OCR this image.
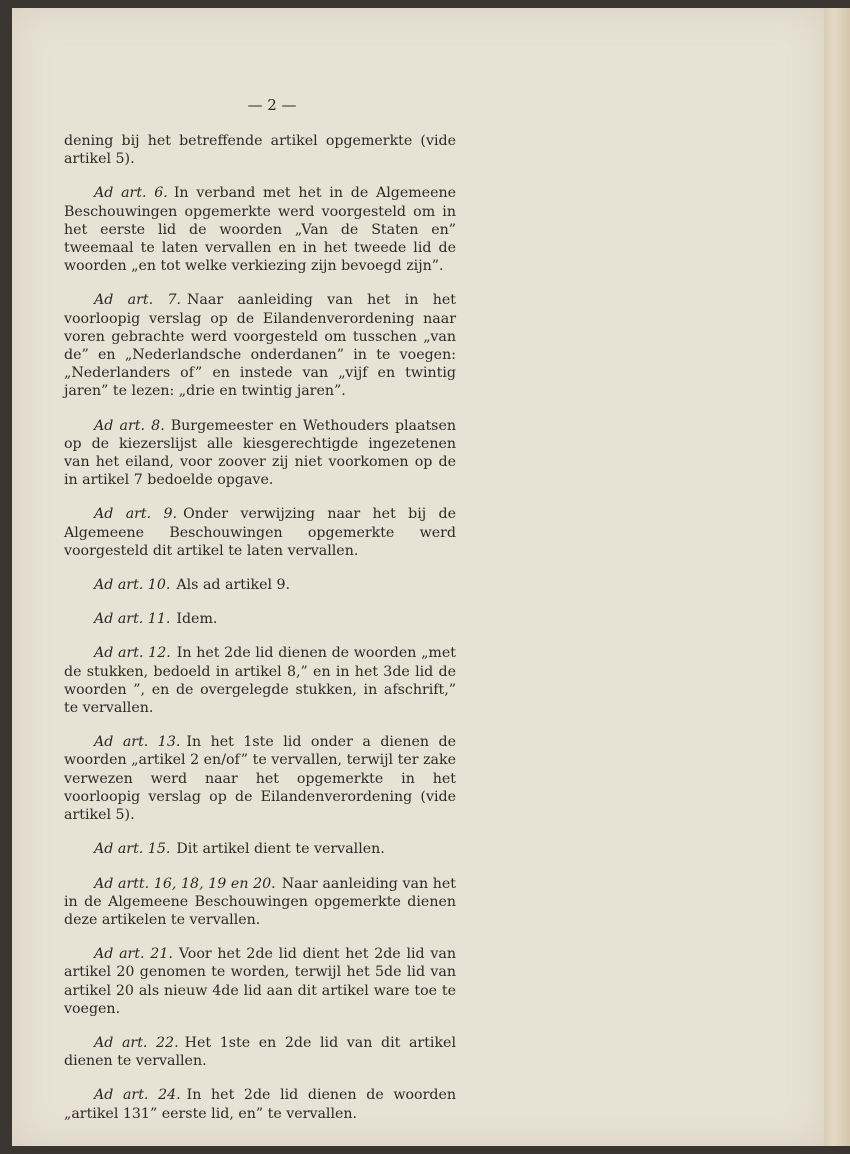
— 2 —

dening bij het betreffende artikel opgemerkte (vide artikel 5).

Ad art. 6. In verband met het in de Algemeene Beschouwingen opgemerkte werd voorgesteld om in het eerste lid de woorden „Van de Staten en” tweemaal te laten vervallen en in het tweede lid de woorden „en tot welke verkiezing zijn bevoegd zijn”.

Ad art. 7. Naar aanleiding van het in het voorloopig verslag op de Eilandenverordening naar voren gebrachte werd voorgesteld om tusschen „van de” en „Nederlandsche onderdanen” in te voegen: „Nederlanders of” en instede van „vijf en twintig jaren” te lezen: „drie en twintig jaren”.

Ad art. 8. Burgemeester en Wethouders plaatsen op de kiezerslijst alle kiesgerechtigde ingezetenen van het eiland, voor zoover zij niet voorkomen op de in artikel 7 bedoelde opgave.

Ad art. 9. Onder verwijzing naar het bij de Algemeene Beschouwingen opgemerkte werd voorgesteld dit artikel te laten vervallen.

Ad art. 10. Als ad artikel 9.

Ad art. 11. Idem.

Ad art. 12. In het 2de lid dienen de woorden „met de stukken, bedoeld in artikel 8,” en in het 3de lid de woorden ”, en de overgelegde stukken, in afschrift,” te vervallen.

Ad art. 13. In het 1ste lid onder a dienen de woorden „artikel 2 en/of” te vervallen, terwijl ter zake verwezen werd naar het opgemerkte in het voorloopig verslag op de Eilandenverordening (vide artikel 5).

Ad art. 15. Dit artikel dient te vervallen.

Ad artt. 16, 18, 19 en 20. Naar aanleiding van het in de Algemeene Beschouwingen opgemerkte dienen deze artikelen te vervallen.

Ad art. 21. Voor het 2de lid dient het 2de lid van artikel 20 genomen te worden, terwijl het 5de lid van artikel 20 als nieuw 4de lid aan dit artikel ware toe te voegen.

Ad art. 22. Het 1ste en 2de lid van dit artikel dienen te vervallen.

Ad art. 24. In het 2de lid dienen de woorden „artikel 131” eerste lid, en” te vervallen.
